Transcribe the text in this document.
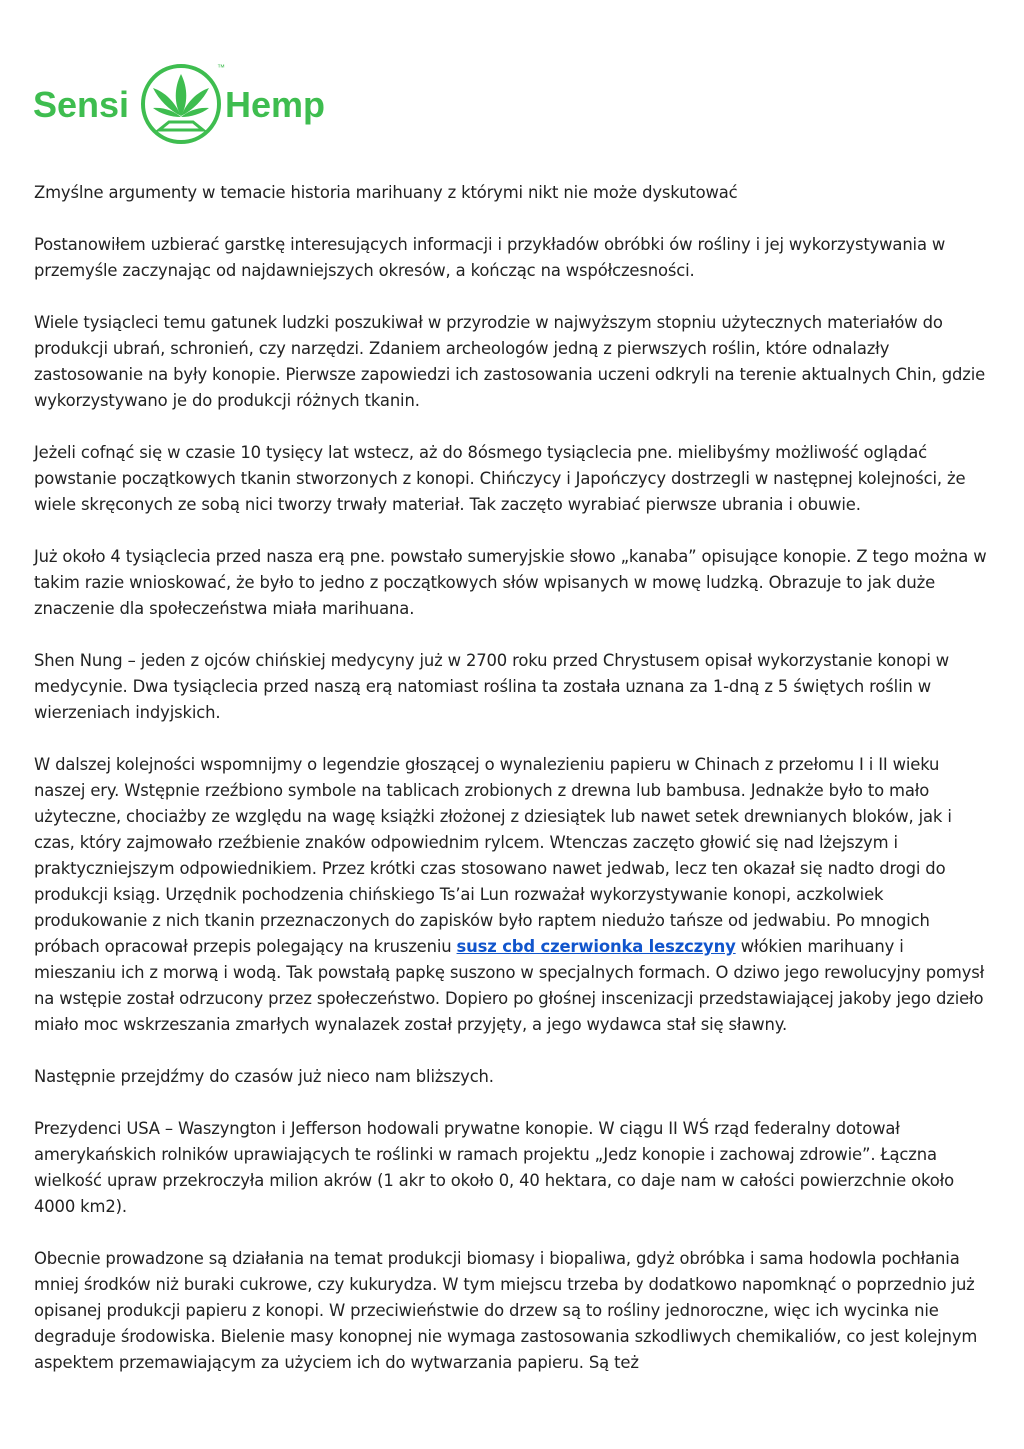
Sensi	Hemp
™

Zmyślne argumenty w temacie historia marihuany z którymi nikt nie może dyskutować

Postanowiłem uzbierać garstkę interesujących informacji i przykładów obróbki ów rośliny i jej wykorzystywania w przemyśle zaczynając od najdawniejszych okresów, a kończąc na współczesności.

Wiele tysiącleci temu gatunek ludzki poszukiwał w przyrodzie w najwyższym stopniu użytecznych materiałów do produkcji ubrań, schronień, czy narzędzi. Zdaniem archeologów jedną z pierwszych roślin, które odnalazły zastosowanie na były konopie. Pierwsze zapowiedzi ich zastosowania uczeni odkryli na terenie aktualnych Chin, gdzie wykorzystywano je do produkcji różnych tkanin.

Jeżeli cofnąć się w czasie 10 tysięcy lat wstecz, aż do 8ósmego tysiąclecia pne. mielibyśmy możliwość oglądać powstanie początkowych tkanin stworzonych z konopi. Chińczycy i Japończycy dostrzegli w następnej kolejności, że wiele skręconych ze sobą nici tworzy trwały materiał. Tak zaczęto wyrabiać pierwsze ubrania i obuwie.

Już około 4 tysiąclecia przed nasza erą pne. powstało sumeryjskie słowo „kanaba” opisujące konopie. Z tego można w takim razie wnioskować, że było to jedno z początkowych słów wpisanych w mowę ludzką. Obrazuje to jak duże znaczenie dla społeczeństwa miała marihuana.

Shen Nung – jeden z ojców chińskiej medycyny już w 2700 roku przed Chrystusem opisał wykorzystanie konopi w medycynie. Dwa tysiąclecia przed naszą erą natomiast roślina ta została uznana za 1-dną z 5 świętych roślin w wierzeniach indyjskich.

W dalszej kolejności wspomnijmy o legendzie głoszącej o wynalezieniu papieru w Chinach z przełomu I i II wieku naszej ery. Wstępnie rzeźbiono symbole na tablicach zrobionych z drewna lub bambusa. Jednakże było to mało użyteczne, chociażby ze względu na wagę książki złożonej z dziesiątek lub nawet setek drewnianych bloków, jak i czas, który zajmowało rzeźbienie znaków odpowiednim rylcem. Wtenczas zaczęto głowić się nad lżejszym i praktyczniejszym odpowiednikiem. Przez krótki czas stosowano nawet jedwab, lecz ten okazał się nadto drogi do produkcji ksiąg. Urzędnik pochodzenia chińskiego Ts’ai Lun rozważał wykorzystywanie konopi, aczkolwiek produkowanie z nich tkanin przeznaczonych do zapisków było raptem niedużo tańsze od jedwabiu. Po mnogich próbach opracował przepis polegający na kruszeniu susz cbd czerwionka leszczyny włókien marihuany i mieszaniu ich z morwą i wodą. Tak powstałą papkę suszono w specjalnych formach. O dziwo jego rewolucyjny pomysł na wstępie został odrzucony przez społeczeństwo. Dopiero po głośnej inscenizacji przedstawiającej jakoby jego dzieło miało moc wskrzeszania zmarłych wynalazek został przyjęty, a jego wydawca stał się sławny.

Następnie przejdźmy do czasów już nieco nam bliższych.

Prezydenci USA – Waszyngton i Jefferson hodowali prywatne konopie. W ciągu II WŚ rząd federalny dotował amerykańskich rolników uprawiających te roślinki w ramach projektu „Jedz konopie i zachowaj zdrowie”. Łączna wielkość upraw przekroczyła milion akrów (1 akr to około 0, 40 hektara, co daje nam w całości powierzchnie około 4000 km2).

Obecnie prowadzone są działania na temat produkcji biomasy i biopaliwa, gdyż obróbka i sama hodowla pochłania mniej środków niż buraki cukrowe, czy kukurydza. W tym miejscu trzeba by dodatkowo napomknąć o poprzednio już opisanej produkcji papieru z konopi. W przeciwieństwie do drzew są to rośliny jednoroczne, więc ich wycinka nie degraduje środowiska. Bielenie masy konopnej nie wymaga zastosowania szkodliwych chemikaliów, co jest kolejnym aspektem przemawiającym za użyciem ich do wytwarzania papieru. Są też
